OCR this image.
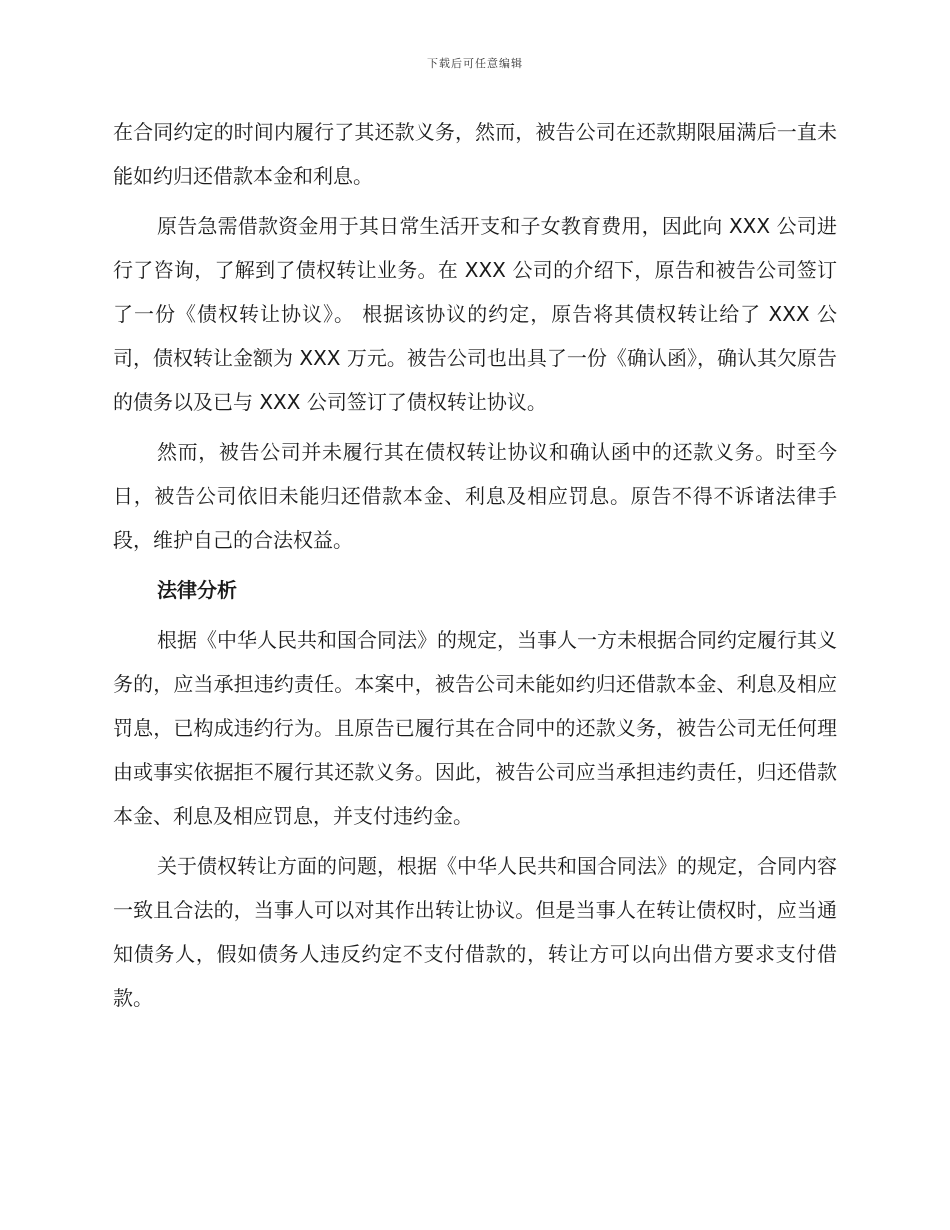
下载后可任意编辑

在合同约定的时间内履行了其还款义务，然而，被告公司在还款期限届满后一直未能如约归还借款本金和利息。

原告急需借款资金用于其日常生活开支和子女教育费用，因此向 XXX 公司进行了咨询，了解到了债权转让业务。在 XXX 公司的介绍下，原告和被告公司签订了一份《债权转让协议》。 根据该协议的约定，原告将其债权转让给了 XXX 公司，债权转让金额为 XXX 万元。被告公司也出具了一份《确认函》，确认其欠原告的债务以及已与 XXX 公司签订了债权转让协议。

然而，被告公司并未履行其在债权转让协议和确认函中的还款义务。时至今日，被告公司依旧未能归还借款本金、利息及相应罚息。原告不得不诉诸法律手段，维护自己的合法权益。

法律分析

根据《中华人民共和国合同法》的规定，当事人一方未根据合同约定履行其义务的，应当承担违约责任。本案中，被告公司未能如约归还借款本金、利息及相应罚息，已构成违约行为。且原告已履行其在合同中的还款义务，被告公司无任何理由或事实依据拒不履行其还款义务。因此，被告公司应当承担违约责任，归还借款本金、利息及相应罚息，并支付违约金。

关于债权转让方面的问题，根据《中华人民共和国合同法》的规定，合同内容一致且合法的，当事人可以对其作出转让协议。但是当事人在转让债权时，应当通知债务人，假如债务人违反约定不支付借款的，转让方可以向出借方要求支付借款。
